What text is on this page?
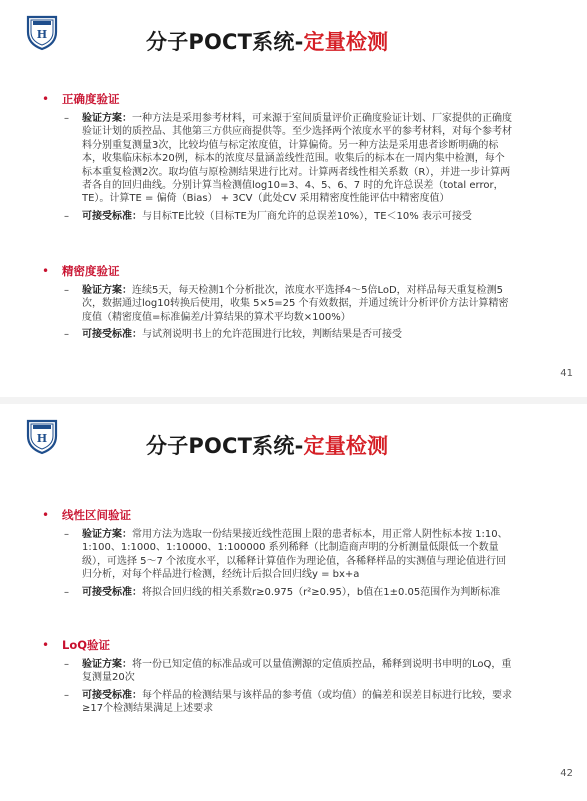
H	分子POCT系统-定量检测
•	正确度验证
– 验证方案：一种方法是采用参考材料，可来源于室间质量评价正确度验证计划、厂家提供的正确度验证计划的质控品、其他第三方供应商提供等。至少选择两个浓度水平的参考材料，对每个参考材料分别重复测量3次，比较均值与标定浓度值，计算偏倚。另一种方法是采用患者诊断明确的标本，收集临床标本20例，标本的浓度尽量涵盖线性范围。收集后的标本在一周内集中检测，每个标本重复检测2次。取均值与原检测结果进行比对。计算两者线性相关系数（R），并进一步计算两者各自的回归曲线。分别计算当检测值log10=3、4、5、6、7 时的允许总误差（total error，TE）。计算TE = 偏倚（Bias） + 3CV（此处CV 采用精密度性能评估中精密度值）
– 可接受标准：与目标TE比较（目标TE为厂商允许的总误差10%），TE＜10% 表示可接受
•	精密度验证
– 验证方案：连续5天，每天检测1个分析批次，浓度水平选择4～5倍LoD，对样品每天重复检测5次，数据通过log10转换后使用，收集 5×5=25 个有效数据，并通过统计分析评价方法计算精密度值（精密度值=标准偏差/计算结果的算术平均数×100%）
– 可接受标准：与试剂说明书上的允许范围进行比较，判断结果是否可接受
41
H	分子POCT系统-定量检测
•	线性区间验证
– 验证方案：常用方法为选取一份结果接近线性范围上限的患者标本，用正常人阴性标本按 1:10、1:100、1:1000、1:10000、1:100000 系列稀释（比制造商声明的分析测量低限低一个数量级），可选择 5～7 个浓度水平，以稀释计算值作为理论值，各稀释样品的实测值与理论值进行回归分析，对每个样品进行检测，经统计后拟合回归线y = bx+a
– 可接受标准：将拟合回归线的相关系数r≥0.975（r²≥0.95），b值在1±0.05范围作为判断标准
•	LoQ验证
– 验证方案：将一份已知定值的标准品或可以量值溯源的定值质控品，稀释到说明书申明的LoQ，重复测量20次
– 可接受标准：每个样品的检测结果与该样品的参考值（或均值）的偏差和误差目标进行比较，要求≥17个检测结果满足上述要求
42
